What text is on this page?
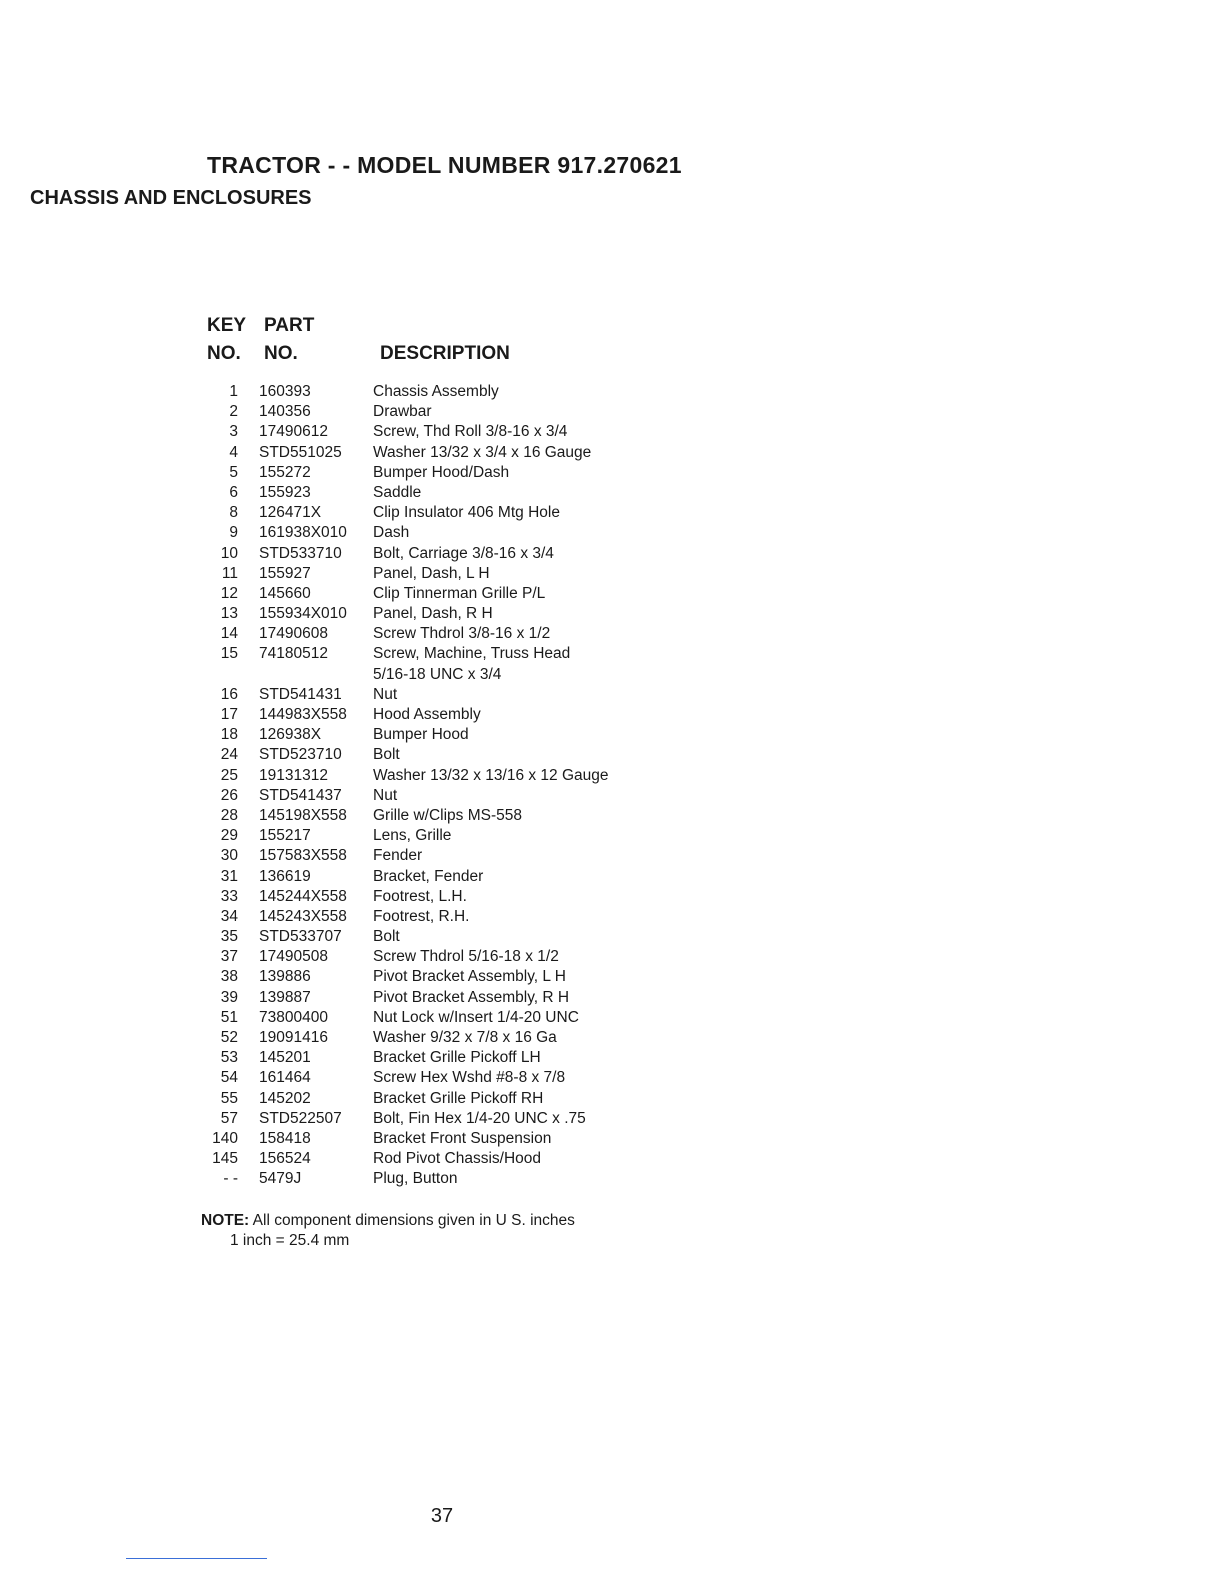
TRACTOR - - MODEL NUMBER 917.270621
CHASSIS AND ENCLOSURES
KEY
NO.
PART
NO.	DESCRIPTION
1	160393	Chassis Assembly
2	140356	Drawbar
3	17490612	Screw, Thd Roll 3/8-16 x 3/4
4	STD551025	Washer 13/32 x 3/4 x 16 Gauge
5	155272	Bumper Hood/Dash
6	155923	Saddle
8	126471X	Clip Insulator 406 Mtg Hole
9	161938X010	Dash
10	STD533710	Bolt, Carriage 3/8-16 x 3/4
11	155927	Panel, Dash, L H
12	145660	Clip Tinnerman Grille P/L
13	155934X010	Panel, Dash, R H
14	17490608	Screw Thdrol 3/8-16 x 1/2
15	74180512	Screw, Machine, Truss Head
5/16-18 UNC x 3/4
16	STD541431	Nut
17	144983X558	Hood Assembly
18	126938X	Bumper Hood
24	STD523710	Bolt
25	19131312	Washer 13/32 x 13/16 x 12 Gauge
26	STD541437	Nut
28	145198X558	Grille w/Clips MS-558
29	155217	Lens, Grille
30	157583X558	Fender
31	136619	Bracket, Fender
33	145244X558	Footrest, L.H.
34	145243X558	Footrest, R.H.
35	STD533707	Bolt
37	17490508	Screw Thdrol 5/16-18 x 1/2
38	139886	Pivot Bracket Assembly, L H
39	139887	Pivot Bracket Assembly, R H
51	73800400	Nut Lock w/Insert 1/4-20 UNC
52	19091416	Washer 9/32 x 7/8 x 16 Ga
53	145201	Bracket Grille Pickoff LH
54	161464	Screw Hex Wshd #8-8 x 7/8
55	145202	Bracket Grille Pickoff RH
57	STD522507	Bolt, Fin Hex 1/4-20 UNC x .75
140	158418	Bracket Front Suspension
145	156524	Rod Pivot Chassis/Hood
- -	5479J	Plug, Button
NOTE: All component dimensions given in U S. inches
1 inch = 25.4 mm
37
